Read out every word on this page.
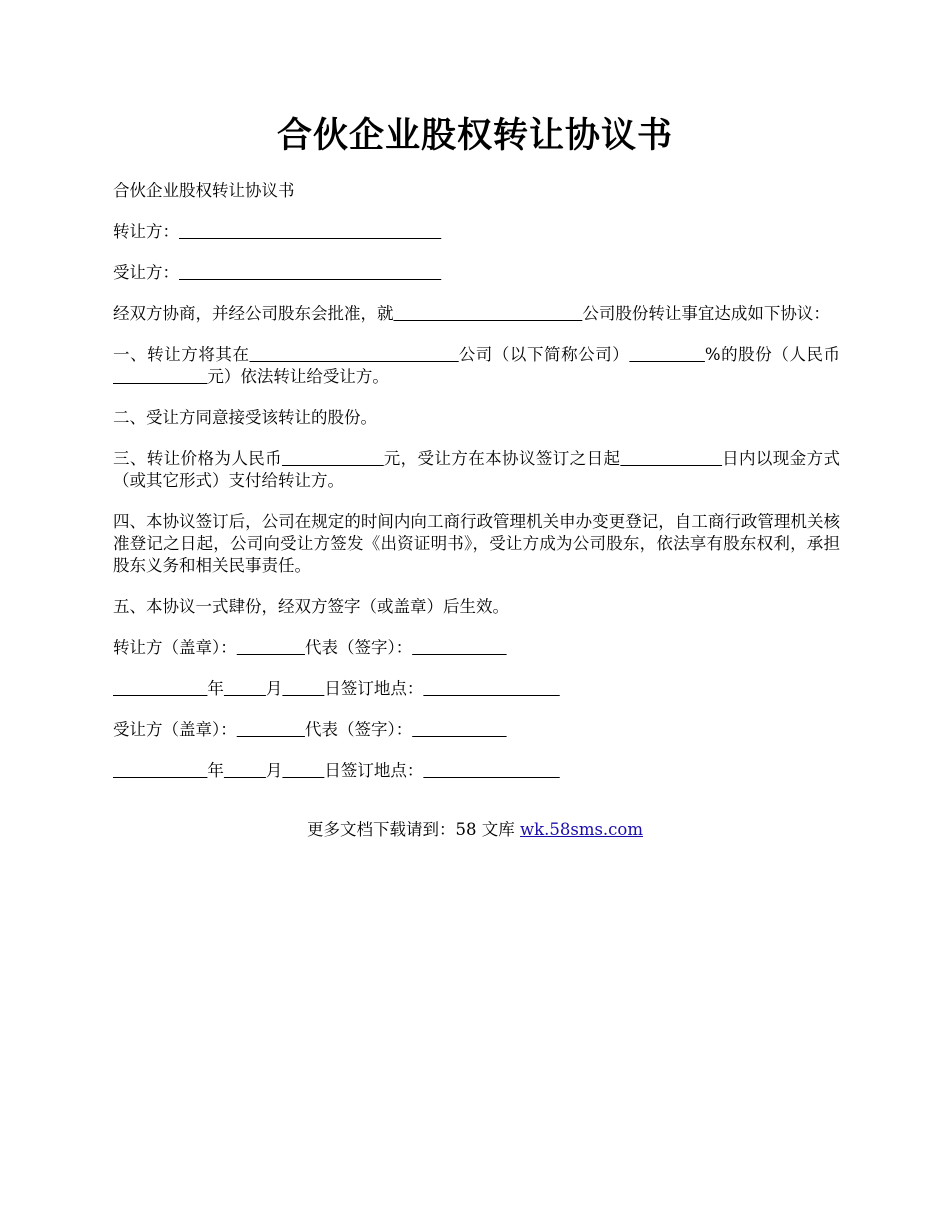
合伙企业股权转让协议书

合伙企业股权转让协议书

转让方：

受让方：

经双方协商，并经公司股东会批准，就	公司股份转让事宜达成如下协议：

一、转让方将其在	公司（以下简称公司）	%的股份（人民币                  元）依法转让给受让方。

二、受让方同意接受该转让的股份。

三、转让价格为人民币	元，受让方在本协议签订之日起	日内以现金方式（或其它形式）支付给转让方。

四、本协议签订后，公司在规定的时间内向工商行政管理机关申办变更登记，自工商行政管理机关核准登记之日起，公司向受让方签发《出资证明书》，受让方成为公司股东，依法享有股东权利，承担股东义务和相关民事责任。

五、本协议一式肆份，经双方签字（或盖章）后生效。

转让方（盖章）：	代表（签字）：

年	月	日签订地点：

受让方（盖章）：	代表（签字）：

年	月	日签订地点：

更多文档下载请到：58 文库 wk.58sms.com
